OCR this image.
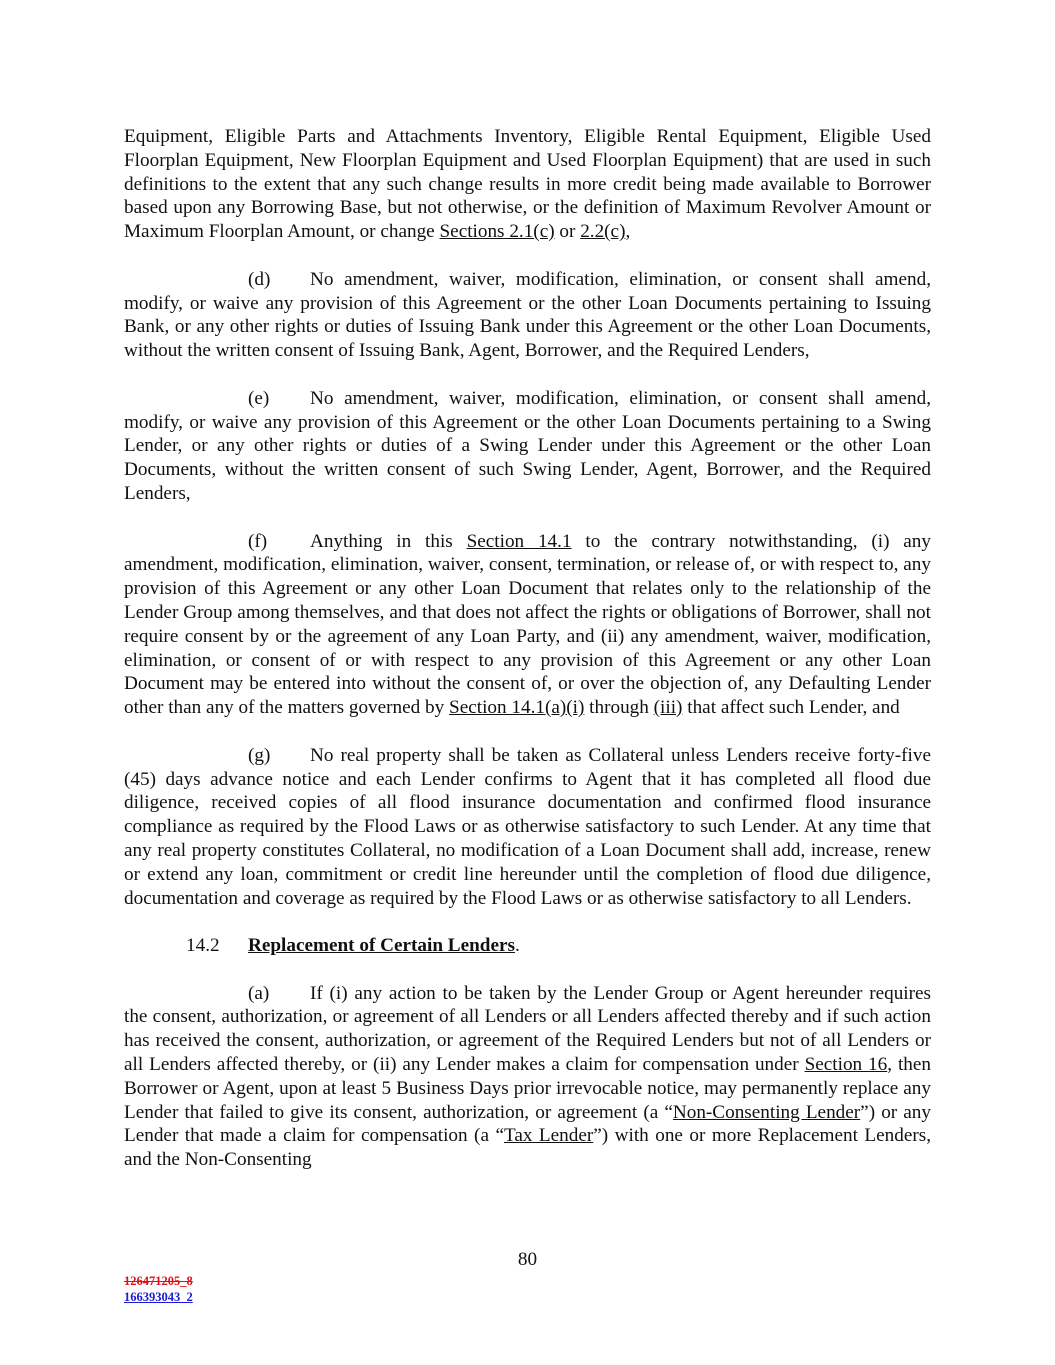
Equipment, Eligible Parts and Attachments Inventory, Eligible Rental Equipment, Eligible Used Floorplan Equipment, New Floorplan Equipment and Used Floorplan Equipment) that are used in such definitions to the extent that any such change results in more credit being made available to Borrower based upon any Borrowing Base, but not otherwise, or the definition of Maximum Revolver Amount or Maximum Floorplan Amount, or change Sections 2.1(c) or 2.2(c),

(d) No amendment, waiver, modification, elimination, or consent shall amend, modify, or waive any provision of this Agreement or the other Loan Documents pertaining to Issuing Bank, or any other rights or duties of Issuing Bank under this Agreement or the other Loan Documents, without the written consent of Issuing Bank, Agent, Borrower, and the Required Lenders,

(e) No amendment, waiver, modification, elimination, or consent shall amend, modify, or waive any provision of this Agreement or the other Loan Documents pertaining to a Swing Lender, or any other rights or duties of a Swing Lender under this Agreement or the other Loan Documents, without the written consent of such Swing Lender, Agent, Borrower, and the Required Lenders,

(f) Anything in this Section 14.1 to the contrary notwithstanding, (i) any amendment, modification, elimination, waiver, consent, termination, or release of, or with respect to, any provision of this Agreement or any other Loan Document that relates only to the relationship of the Lender Group among themselves, and that does not affect the rights or obligations of Borrower, shall not require consent by or the agreement of any Loan Party, and (ii) any amendment, waiver, modification, elimination, or consent of or with respect to any provision of this Agreement or any other Loan Document may be entered into without the consent of, or over the objection of, any Defaulting Lender other than any of the matters governed by Section 14.1(a)(i) through (iii) that affect such Lender, and

(g) No real property shall be taken as Collateral unless Lenders receive forty-five (45) days advance notice and each Lender confirms to Agent that it has completed all flood due diligence, received copies of all flood insurance documentation and confirmed flood insurance compliance as required by the Flood Laws or as otherwise satisfactory to such Lender. At any time that any real property constitutes Collateral, no modification of a Loan Document shall add, increase, renew or extend any loan, commitment or credit line hereunder until the completion of flood due diligence, documentation and coverage as required by the Flood Laws or as otherwise satisfactory to all Lenders.

14.2 Replacement of Certain Lenders.

(a) If (i) any action to be taken by the Lender Group or Agent hereunder requires the consent, authorization, or agreement of all Lenders or all Lenders affected thereby and if such action has received the consent, authorization, or agreement of the Required Lenders but not of all Lenders or all Lenders affected thereby, or (ii) any Lender makes a claim for compensation under Section 16, then Borrower or Agent, upon at least 5 Business Days prior irrevocable notice, may permanently replace any Lender that failed to give its consent, authorization, or agreement (a “Non-Consenting Lender”) or any Lender that made a claim for compensation (a “Tax Lender”) with one or more Replacement Lenders, and the Non-Consenting

80
126471205_8
166393043_2
